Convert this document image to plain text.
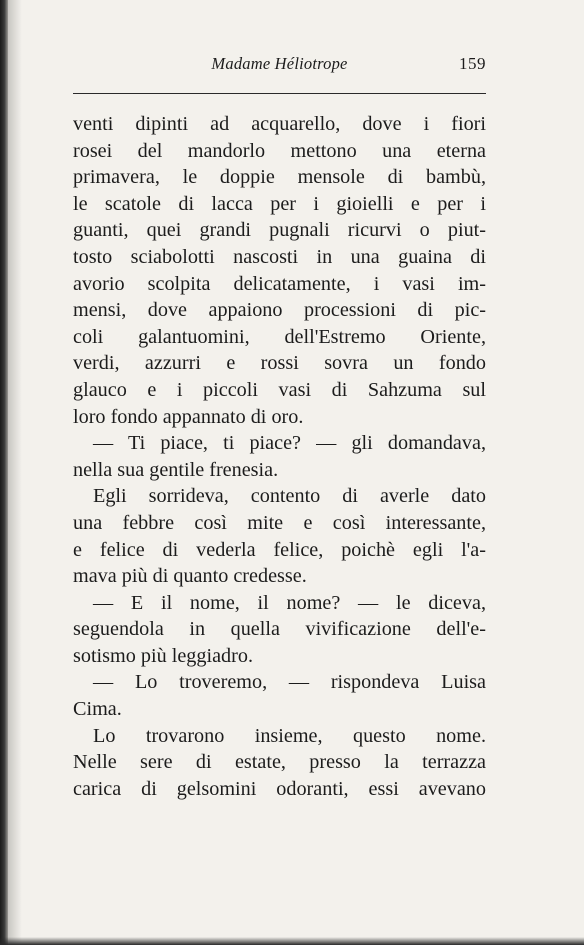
Madame Héliotrope	159
venti dipinti ad acquarello, dove i fiori
rosei del mandorlo mettono una eterna
primavera, le doppie mensole di bambù,
le scatole di lacca per i gioielli e per i
guanti, quei grandi pugnali ricurvi o piut-
tosto sciabolotti nascosti in una guaina di
avorio scolpita delicatamente, i vasi im-
mensi, dove appaiono processioni di pic-
coli galantuomini, dell'Estremo Oriente,
verdi, azzurri e rossi sovra un fondo
glauco e i piccoli vasi di Sahzuma sul
loro fondo appannato di oro.
— Ti piace, ti piace? — gli domandava,
nella sua gentile frenesia.
Egli sorrideva, contento di averle dato
una febbre così mite e così interessante,
e felice di vederla felice, poichè egli l'a-
mava più di quanto credesse.
— E il nome, il nome? — le diceva,
seguendola in quella vivificazione dell'e-
sotismo più leggiadro.
— Lo troveremo, — rispondeva Luisa
Cima.
Lo trovarono insieme, questo nome.
Nelle sere di estate, presso la terrazza
carica di gelsomini odoranti, essi avevano
